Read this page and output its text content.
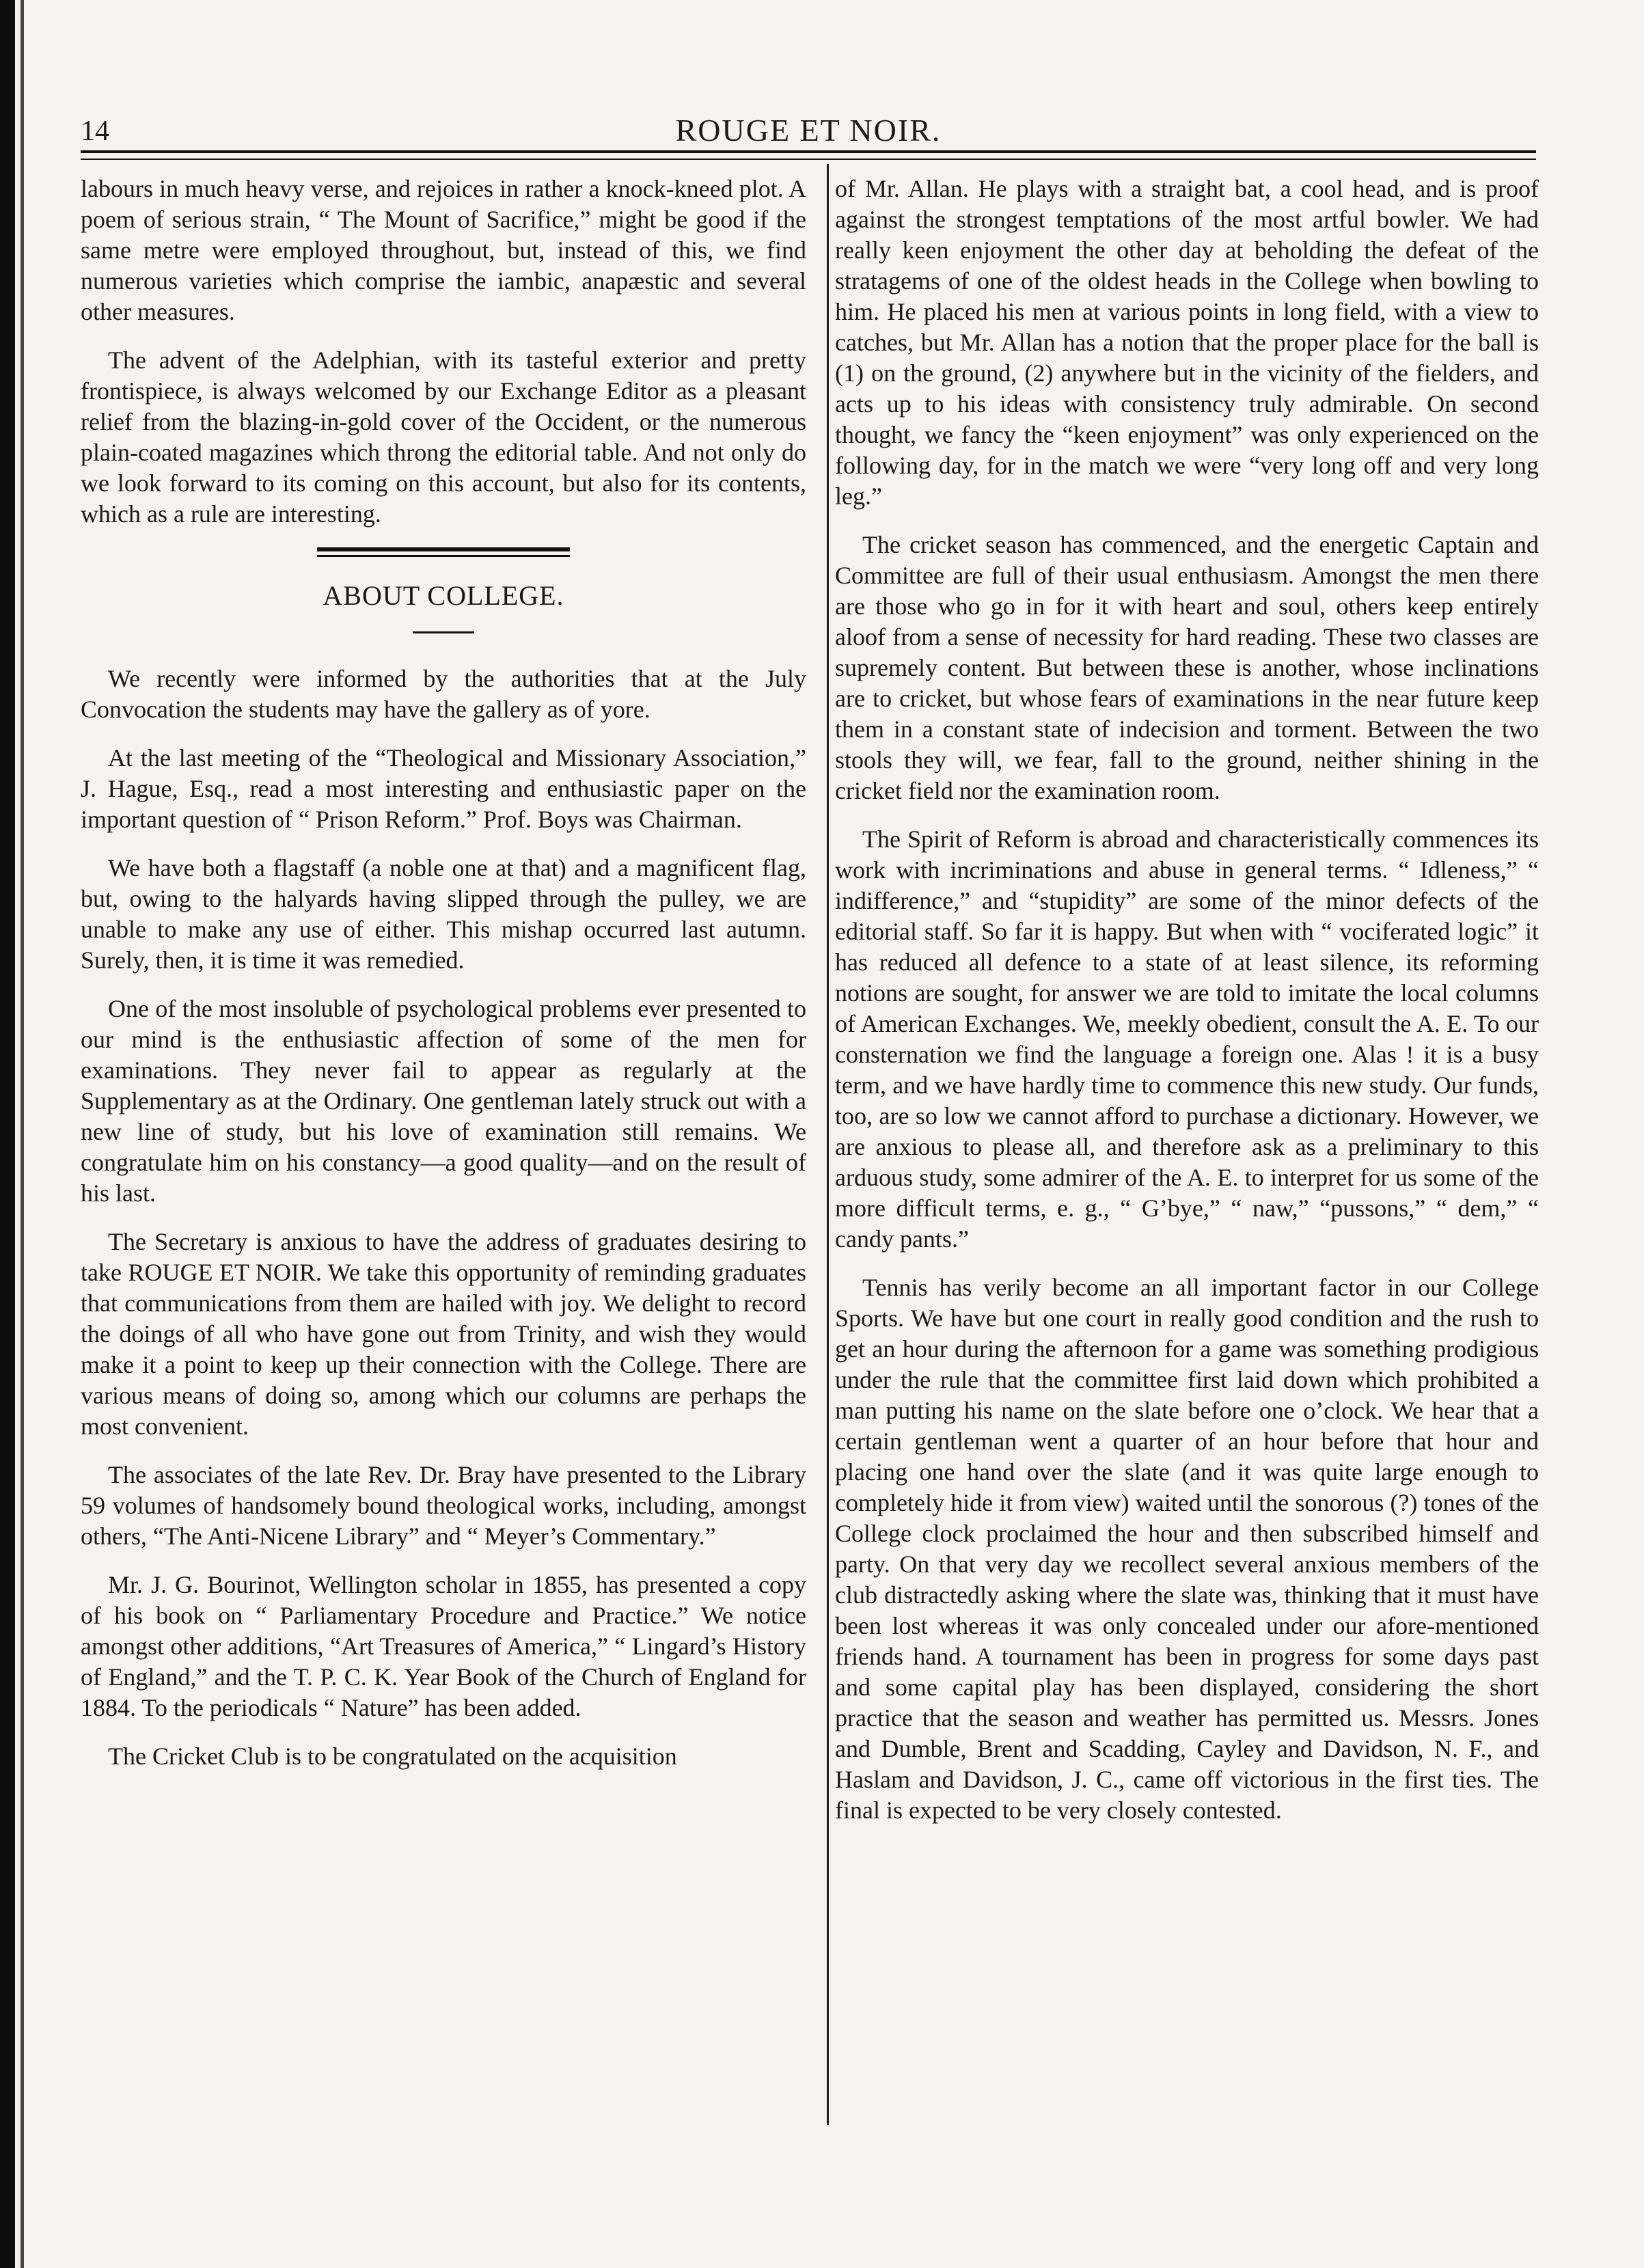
14	ROUGE ET NOIR.

labours in much heavy verse, and rejoices in rather a knock-kneed plot. A poem of serious strain, “ The Mount of Sacrifice,” might be good if the same metre were employed throughout, but, instead of this, we find numerous varieties which comprise the iambic, anapæstic and several other measures.

The advent of the Adelphian, with its tasteful exterior and pretty frontispiece, is always welcomed by our Exchange Editor as a pleasant relief from the blazing-in-gold cover of the Occident, or the numerous plain-coated magazines which throng the editorial table. And not only do we look forward to its coming on this account, but also for its contents, which as a rule are interesting.

ABOUT COLLEGE.

We recently were informed by the authorities that at the July Convocation the students may have the gallery as of yore.

At the last meeting of the “Theological and Missionary Association,” J. Hague, Esq., read a most interesting and enthusiastic paper on the important question of “ Prison Reform.” Prof. Boys was Chairman.

We have both a flagstaff (a noble one at that) and a magnificent flag, but, owing to the halyards having slipped through the pulley, we are unable to make any use of either. This mishap occurred last autumn. Surely, then, it is time it was remedied.

One of the most insoluble of psychological problems ever presented to our mind is the enthusiastic affection of some of the men for examinations. They never fail to appear as regularly at the Supplementary as at the Ordinary. One gentleman lately struck out with a new line of study, but his love of examination still remains. We congratulate him on his constancy—a good quality—and on the result of his last.

The Secretary is anxious to have the address of graduates desiring to take ROUGE ET NOIR. We take this opportunity of reminding graduates that communications from them are hailed with joy. We delight to record the doings of all who have gone out from Trinity, and wish they would make it a point to keep up their connection with the College. There are various means of doing so, among which our columns are perhaps the most convenient.

The associates of the late Rev. Dr. Bray have presented to the Library 59 volumes of handsomely bound theological works, including, amongst others, “The Anti-Nicene Library” and “ Meyer’s Commentary.”

Mr. J. G. Bourinot, Wellington scholar in 1855, has presented a copy of his book on “ Parliamentary Procedure and Practice.” We notice amongst other additions, “Art Treasures of America,” “ Lingard’s History of England,” and the T. P. C. K. Year Book of the Church of England for 1884. To the periodicals “ Nature” has been added.

The Cricket Club is to be congratulated on the acquisition

of Mr. Allan. He plays with a straight bat, a cool head, and is proof against the strongest temptations of the most artful bowler. We had really keen enjoyment the other day at beholding the defeat of the stratagems of one of the oldest heads in the College when bowling to him. He placed his men at various points in long field, with a view to catches, but Mr. Allan has a notion that the proper place for the ball is (1) on the ground, (2) anywhere but in the vicinity of the fielders, and acts up to his ideas with consistency truly admirable. On second thought, we fancy the “keen enjoyment” was only experienced on the following day, for in the match we were “very long off and very long leg.”

The cricket season has commenced, and the energetic Captain and Committee are full of their usual enthusiasm. Amongst the men there are those who go in for it with heart and soul, others keep entirely aloof from a sense of necessity for hard reading. These two classes are supremely content. But between these is another, whose inclinations are to cricket, but whose fears of examinations in the near future keep them in a constant state of indecision and torment. Between the two stools they will, we fear, fall to the ground, neither shining in the cricket field nor the examination room.

The Spirit of Reform is abroad and characteristically commences its work with incriminations and abuse in general terms. “ Idleness,” “ indifference,” and “stupidity” are some of the minor defects of the editorial staff. So far it is happy. But when with “ vociferated logic” it has reduced all defence to a state of at least silence, its reforming notions are sought, for answer we are told to imitate the local columns of American Exchanges. We, meekly obedient, consult the A. E. To our consternation we find the language a foreign one. Alas ! it is a busy term, and we have hardly time to commence this new study. Our funds, too, are so low we cannot afford to purchase a dictionary. However, we are anxious to please all, and therefore ask as a preliminary to this arduous study, some admirer of the A. E. to interpret for us some of the more difficult terms, e. g., “ G’bye,” “ naw,” “pussons,” “ dem,” “ candy pants.”

Tennis has verily become an all important factor in our College Sports. We have but one court in really good condition and the rush to get an hour during the afternoon for a game was something prodigious under the rule that the committee first laid down which prohibited a man putting his name on the slate before one o’clock. We hear that a certain gentleman went a quarter of an hour before that hour and placing one hand over the slate (and it was quite large enough to completely hide it from view) waited until the sonorous (?) tones of the College clock proclaimed the hour and then subscribed himself and party. On that very day we recollect several anxious members of the club distractedly asking where the slate was, thinking that it must have been lost whereas it was only concealed under our afore-mentioned friends hand. A tournament has been in progress for some days past and some capital play has been displayed, considering the short practice that the season and weather has permitted us. Messrs. Jones and Dumble, Brent and Scadding, Cayley and Davidson, N. F., and Haslam and Davidson, J. C., came off victorious in the first ties. The final is expected to be very closely contested.
